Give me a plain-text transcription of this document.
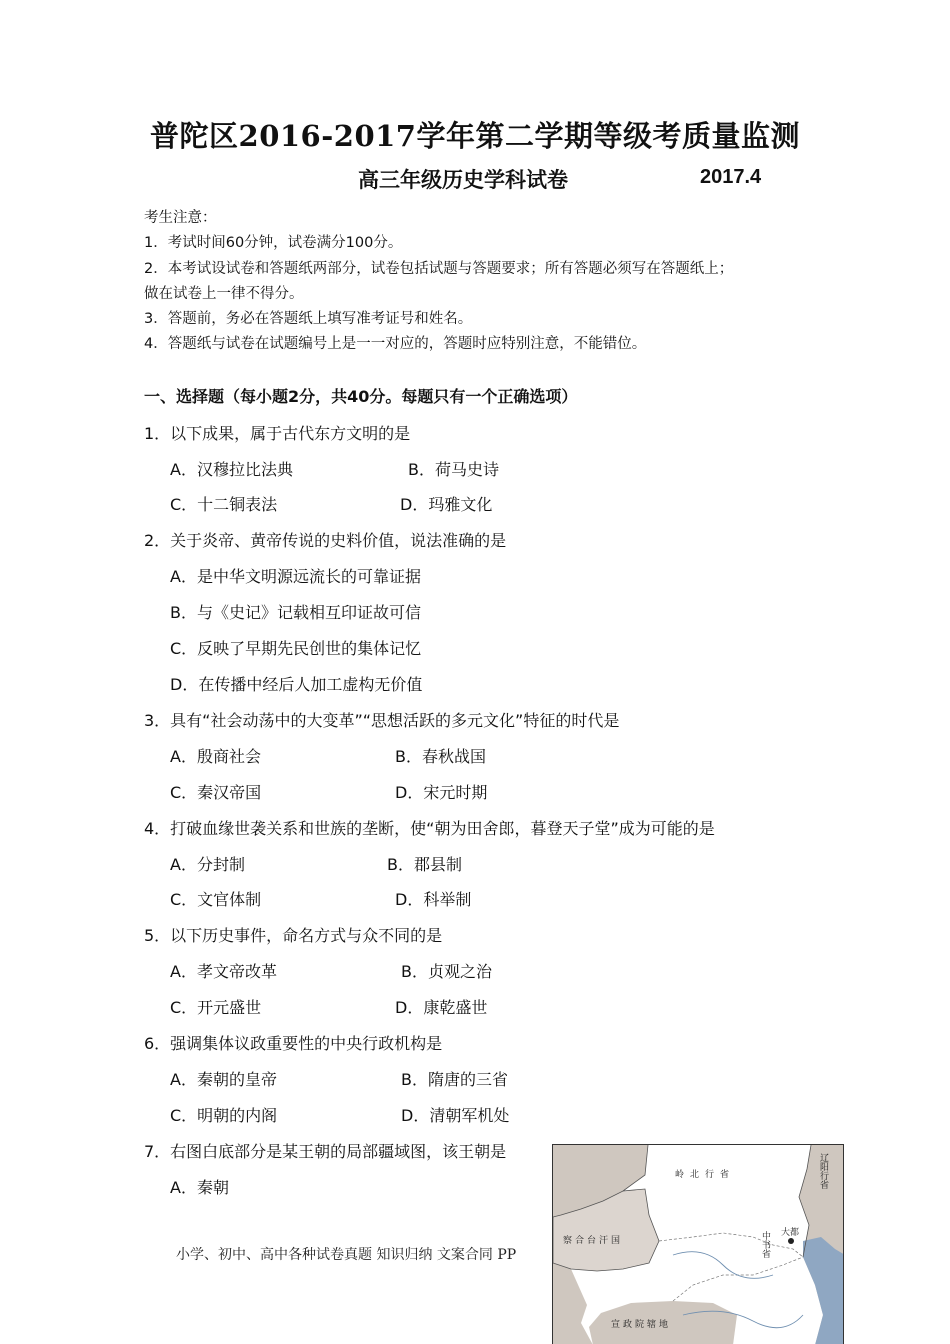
普陀区2016-2017学年第二学期等级考质量监测
高三年级历史学科试卷	2017.4
考生注意：
1．考试时间60分钟，试卷满分100分。
2．本考试设试卷和答题纸两部分，试卷包括试题与答题要求；所有答题必须写在答题纸上；
做在试卷上一律不得分。
3．答题前，务必在答题纸上填写准考证号和姓名。
4．答题纸与试卷在试题编号上是一一对应的，答题时应特别注意，不能错位。
一、选择题（每小题2分，共40分。每题只有一个正确选项）
1．以下成果，属于古代东方文明的是
A．汉穆拉比法典	B．荷马史诗
C．十二铜表法	D．玛雅文化
2．关于炎帝、黄帝传说的史料价值，说法准确的是
A．是中华文明源远流长的可靠证据
B．与《史记》记载相互印证故可信
C．反映了早期先民创世的集体记忆
D．在传播中经后人加工虚构无价值
3．具有“社会动荡中的大变革”“思想活跃的多元文化”特征的时代是
A．殷商社会	B．春秋战国
C．秦汉帝国	D．宋元时期
4．打破血缘世袭关系和世族的垄断，使“朝为田舍郎，暮登天子堂”成为可能的是
A．分封制	B．郡县制
C．文官体制	D．科举制
5．以下历史事件，命名方式与众不同的是
A．孝文帝改革	B．贞观之治
C．开元盛世	D．康乾盛世
6．强调集体议政重要性的中央行政机构是
A．秦朝的皇帝	B．隋唐的三省
C．明朝的内阁	D．清朝军机处
7．右图白底部分是某王朝的局部疆域图，该王朝是
A．秦朝
小学、初中、高中各种试卷真题 知识归纳 文案合同 PP
岭北行省
察合台汗国
宣政院辖地
大都
中书省
辽阳行省
